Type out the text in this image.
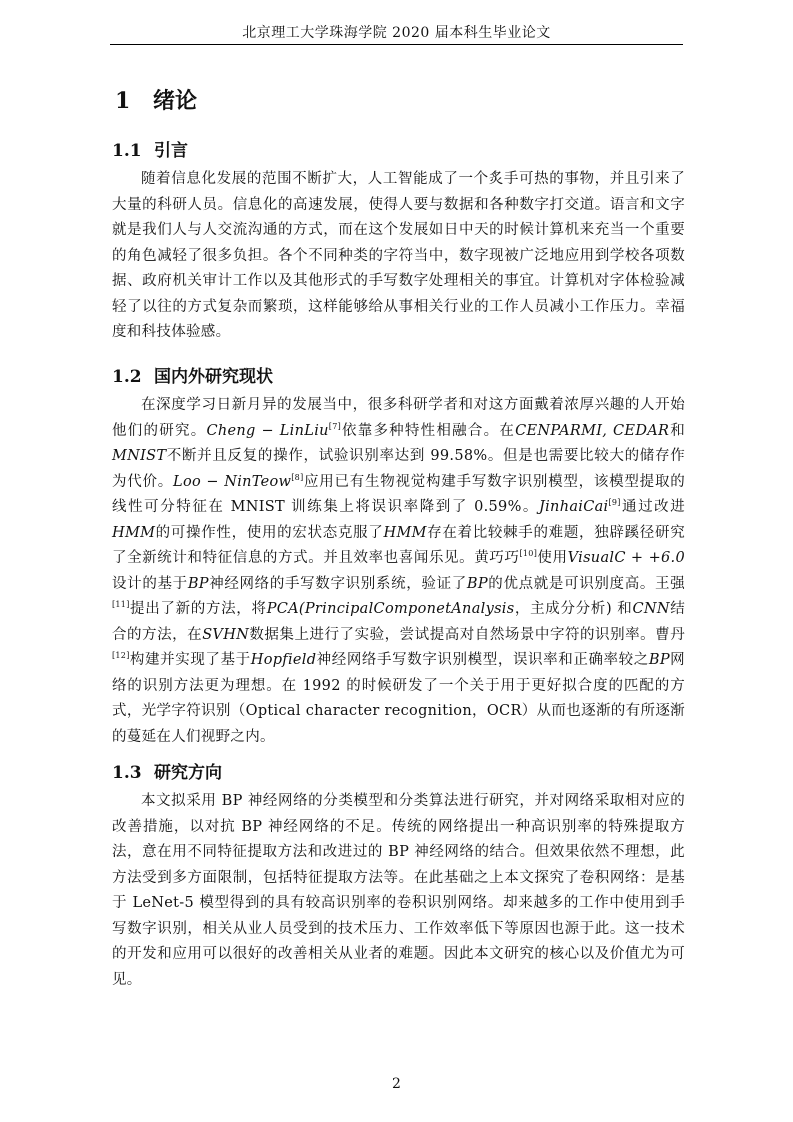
北京理工大学珠海学院 2020 届本科生毕业论文
1 绪论
1.1 引言

随着信息化发展的范围不断扩大，人工智能成了一个炙手可热的事物，并且引来了大量的科研人员。信息化的高速发展，使得人要与数据和各种数字打交道。语言和文字就是我们人与人交流沟通的方式，而在这个发展如日中天的时候计算机来充当一个重要的角色减轻了很多负担。各个不同种类的字符当中，数字现被广泛地应用到学校各项数据、政府机关审计工作以及其他形式的手写数字处理相关的事宜。计算机对字体检验减轻了以往的方式复杂而繁琐，这样能够给从事相关行业的工作人员减小工作压力。幸福度和科技体验感。

1.2 国内外研究现状

在深度学习日新月异的发展当中，很多科研学者和对这方面戴着浓厚兴趣的人开始他们的研究。Cheng − LinLiu[7]依靠多种特性相融合。在CENPARMI, CEDAR和MNIST不断并且反复的操作，试验识别率达到 99.58%。但是也需要比较大的储存作为代价。Loo − NinTeow[8]应用已有生物视觉构建手写数字识别模型，该模型提取的线性可分特征在 MNIST 训练集上将误识率降到了 0.59%。JinhaiCai[9]通过改进HMM的可操作性，使用的宏状态克服了HMM存在着比较棘手的难题，独辟蹊径研究了全新统计和特征信息的方式。并且效率也喜闻乐见。黄巧巧[10]使用VisualC + +6.0设计的基于BP神经网络的手写数字识别系统，验证了BP的优点就是可识别度高。王强[11]提出了新的方法，将PCA(PrincipalComponetAnalysis，主成分分析) 和CNN结合的方法，在SVHN数据集上进行了实验，尝试提高对自然场景中字符的识别率。曹丹[12]构建并实现了基于Hopfield神经网络手写数字识别模型，误识率和正确率较之BP网络的识别方法更为理想。在 1992 的时候研发了一个关于用于更好拟合度的匹配的方式，光学字符识别（Optical character recognition，OCR）从而也逐渐的有所逐渐的蔓延在人们视野之内。

1.3 研究方向

本文拟采用 BP 神经网络的分类模型和分类算法进行研究，并对网络采取相对应的改善措施，以对抗 BP 神经网络的不足。传统的网络提出一种高识别率的特殊提取方法，意在用不同特征提取方法和改进过的 BP 神经网络的结合。但效果依然不理想，此方法受到多方面限制，包括特征提取方法等。在此基础之上本文探究了卷积网络：是基于 LeNet-5 模型得到的具有较高识别率的卷积识别网络。却来越多的工作中使用到手写数字识别，相关从业人员受到的技术压力、工作效率低下等原因也源于此。这一技术的开发和应用可以很好的改善相关从业者的难题。因此本文研究的核心以及价值尤为可见。

2
